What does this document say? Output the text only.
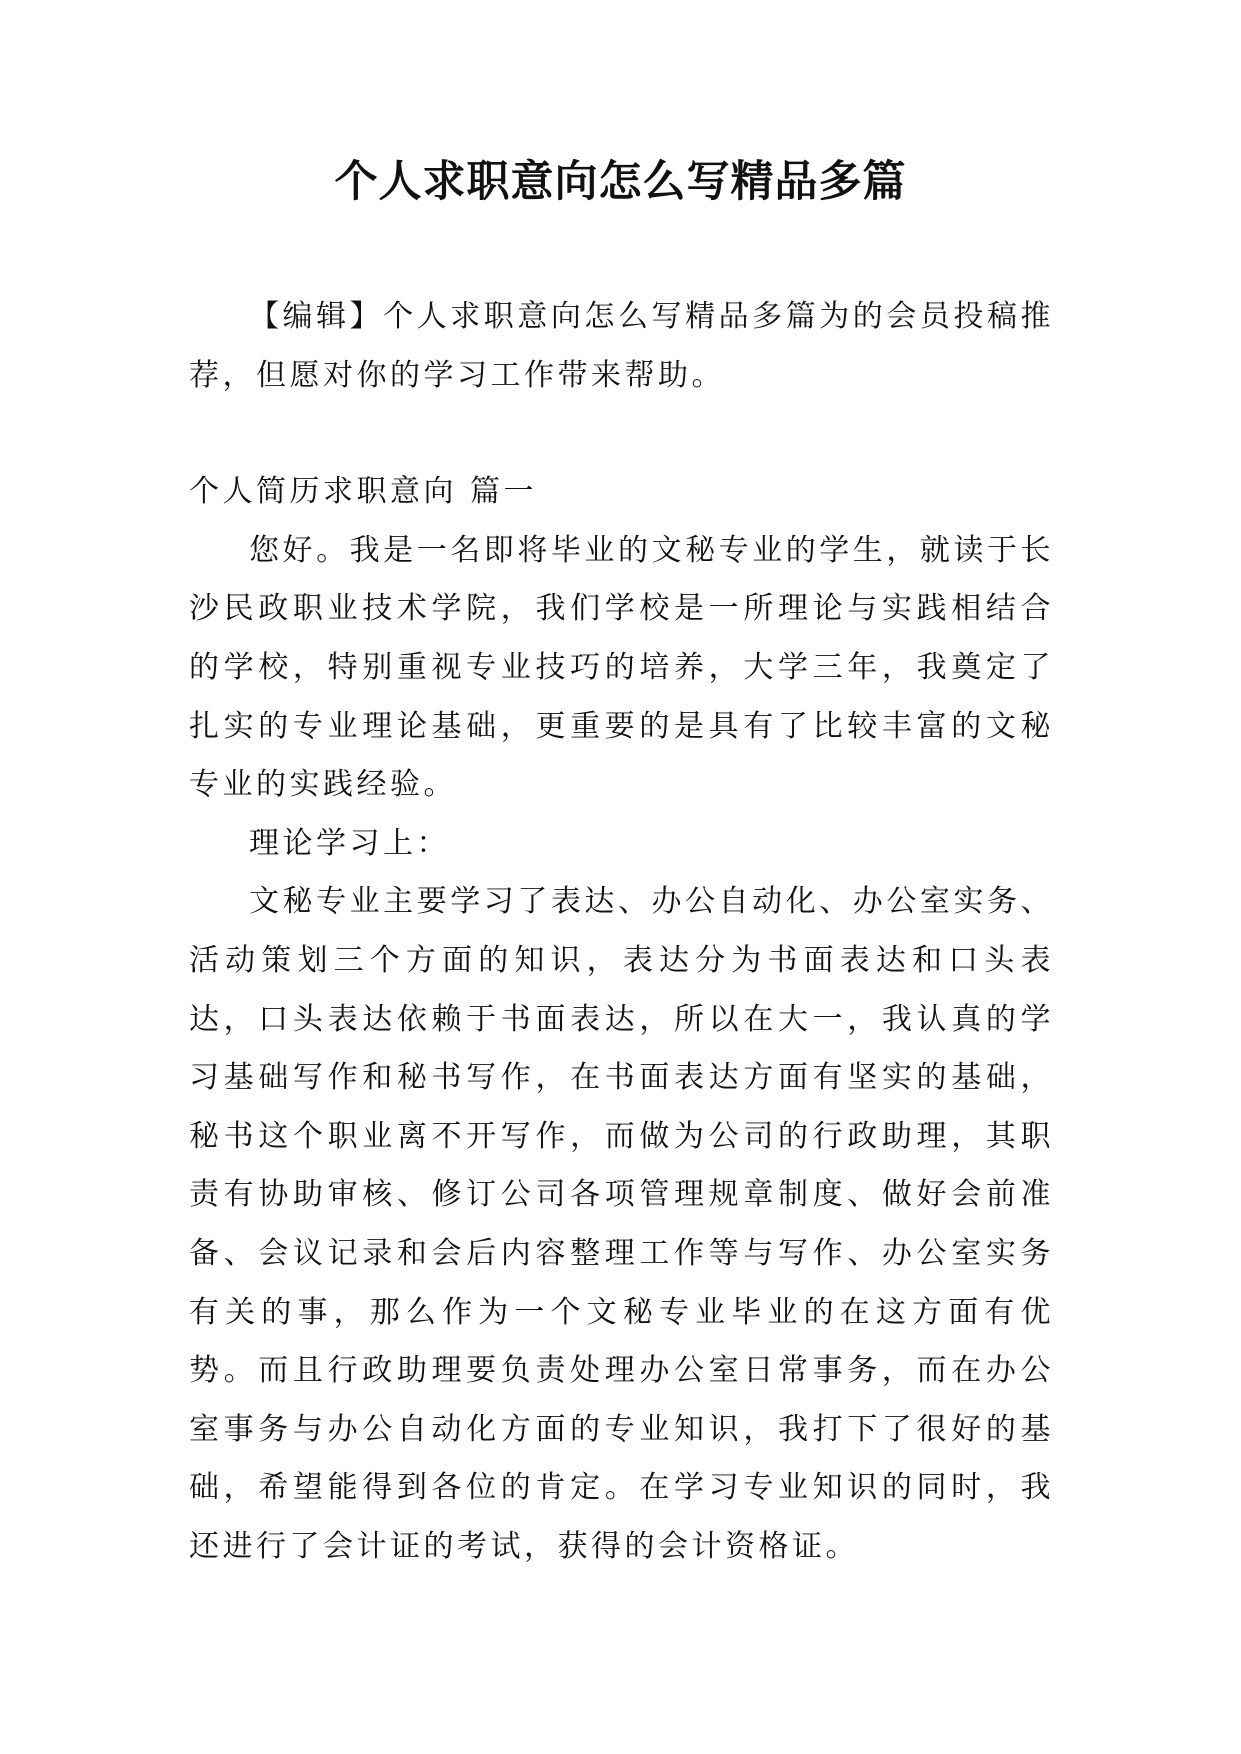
个人求职意向怎么写精品多篇

【编辑】个人求职意向怎么写精品多篇为的会员投稿推荐，但愿对你的学习工作带来帮助。

个人简历求职意向 篇一

您好。我是一名即将毕业的文秘专业的学生，就读于长沙民政职业技术学院，我们学校是一所理论与实践相结合的学校，特别重视专业技巧的培养，大学三年，我奠定了扎实的专业理论基础，更重要的是具有了比较丰富的文秘专业的实践经验。

理论学习上：

文秘专业主要学习了表达、办公自动化、办公室实务、活动策划三个方面的知识，表达分为书面表达和口头表达，口头表达依赖于书面表达，所以在大一，我认真的学习基础写作和秘书写作，在书面表达方面有坚实的基础，秘书这个职业离不开写作，而做为公司的行政助理，其职责有协助审核、修订公司各项管理规章制度、做好会前准备、会议记录和会后内容整理工作等与写作、办公室实务有关的事，那么作为一个文秘专业毕业的在这方面有优势。而且行政助理要负责处理办公室日常事务，而在办公室事务与办公自动化方面的专业知识，我打下了很好的基础，希望能得到各位的肯定。在学习专业知识的同时，我还进行了会计证的考试，获得的会计资格证。
